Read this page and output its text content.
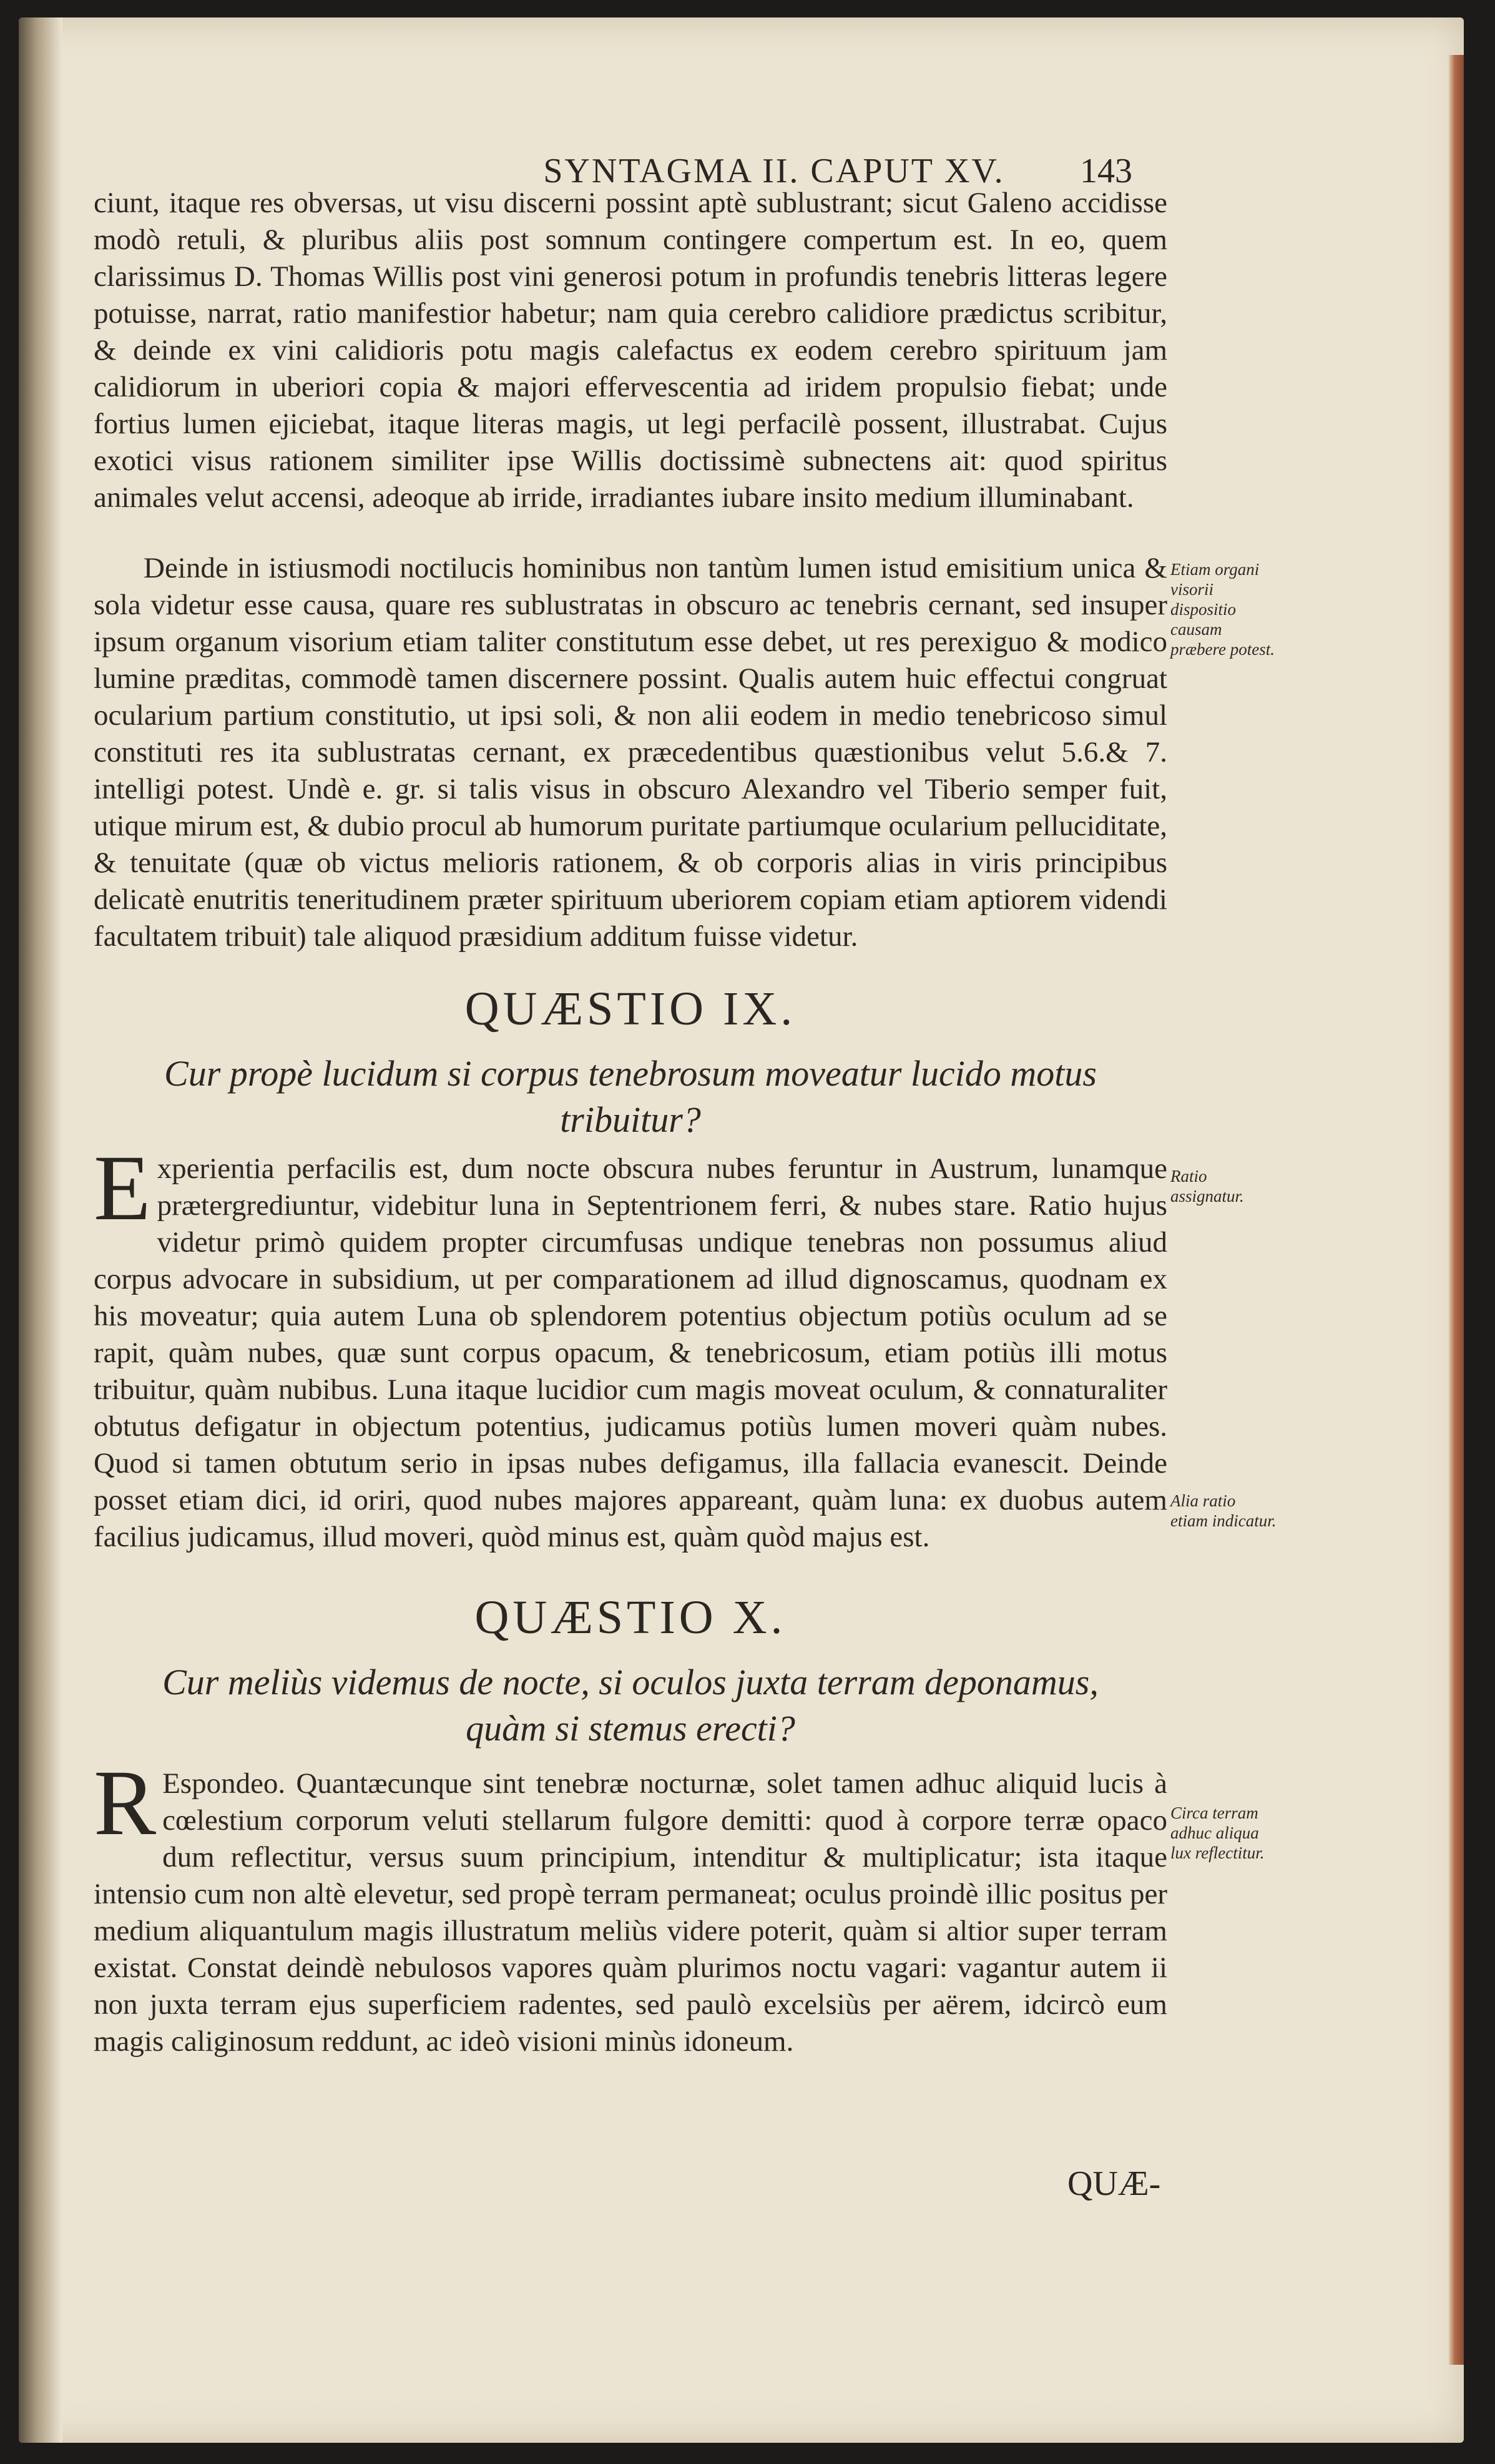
SYNTAGMA II. CAPUT XV.	143

ciunt, itaque res obversas, ut visu discerni possint aptè sublustrant; sicut Galeno accidisse modò retuli, & pluribus aliis post somnum contingere compertum est. In eo, quem clarissimus D. Thomas Willis post vini generosi potum in profundis tenebris litteras legere potuisse, narrat, ratio manifestior habetur; nam quia cerebro calidiore prædictus scribitur, & deinde ex vini calidioris potu magis calefactus ex eodem cerebro spirituum jam calidiorum in uberiori copia & majori effervescentia ad iridem propulsio fiebat; unde fortius lumen ejiciebat, itaque literas magis, ut legi perfacilè possent, illustrabat. Cujus exotici visus rationem similiter ipse Willis doctissimè subnectens ait: quod spiritus animales velut accensi, adeoque ab irride, irradiantes iubare insito medium illuminabant.

Deinde in istiusmodi noctilucis hominibus non tantùm lumen istud emisitium unica & sola videtur esse causa, quare res sublustratas in obscuro ac tenebris cernant, sed insuper ipsum organum visorium etiam taliter constitutum esse debet, ut res perexiguo & modico lumine præditas, commodè tamen discernere possint. Qualis autem huic effectui congruat ocularium partium constitutio, ut ipsi soli, & non alii eodem in medio tenebricoso simul constituti res ita sublustratas cernant, ex præcedentibus quæstionibus velut 5.6.& 7. intelligi potest. Undè e. gr. si talis visus in obscuro Alexandro vel Tiberio semper fuit, utique mirum est, & dubio procul ab humorum puritate partiumque ocularium pelluciditate, & tenuitate (quæ ob victus melioris rationem, & ob corporis alias in viris principibus delicatè enutritis teneritudinem præter spirituum uberiorem copiam etiam aptiorem videndi facultatem tribuit) tale aliquod præsidium additum fuisse videtur.

QUÆSTIO IX.
Cur propè lucidum si corpus tenebrosum moveatur lucido motus tribuitur?
E xperientia perfacilis est, dum nocte obscura nubes feruntur in Austrum, lunamque prætergrediuntur, videbitur luna in Septentrionem ferri, & nubes stare. Ratio hujus videtur primò quidem propter circumfusas undique tenebras non possumus aliud corpus advocare in subsidium, ut per comparationem ad illud dignoscamus, quodnam ex his moveatur; quia autem Luna ob splendorem potentius objectum potiùs oculum ad se rapit, quàm nubes, quæ sunt corpus opacum, & tenebricosum, etiam potiùs illi motus tribuitur, quàm nubibus. Luna itaque lucidior cum magis moveat oculum, & connaturaliter obtutus defigatur in objectum potentius, judicamus potiùs lumen moveri quàm nubes. Quod si tamen obtutum serio in ipsas nubes defigamus, illa fallacia evanescit. Deinde posset etiam dici, id oriri, quod nubes majores appareant, quàm luna: ex duobus autem facilius judicamus, illud moveri, quòd minus est, quàm quòd majus est.
QUÆSTIO X.
Cur meliùs videmus de nocte, si oculos juxta terram deponamus, quàm si stemus erecti?
R Espondeo. Quantæcunque sint tenebræ nocturnæ, solet tamen adhuc aliquid lucis à cœlestium corporum veluti stellarum fulgore demitti: quod à corpore terræ opaco dum reflectitur, versus suum principium, intenditur & multiplicatur; ista itaque intensio cum non altè elevetur, sed propè terram permaneat; oculus proindè illic positus per medium aliquantulum magis illustratum meliùs videre poterit, quàm si altior super terram existat. Constat deindè nebulosos vapores quàm plurimos noctu vagari: vagantur autem ii non juxta terram ejus superficiem radentes, sed paulò excelsiùs per aërem, idcircò eum magis caliginosum reddunt, ac ideò visioni minùs idoneum.
Etiam organi visorii dispositio causam præbere potest.
Ratio assignatur.
Alia ratio etiam indicatur.
Circa terram adhuc aliqua lux reflectitur.
QUÆ-
